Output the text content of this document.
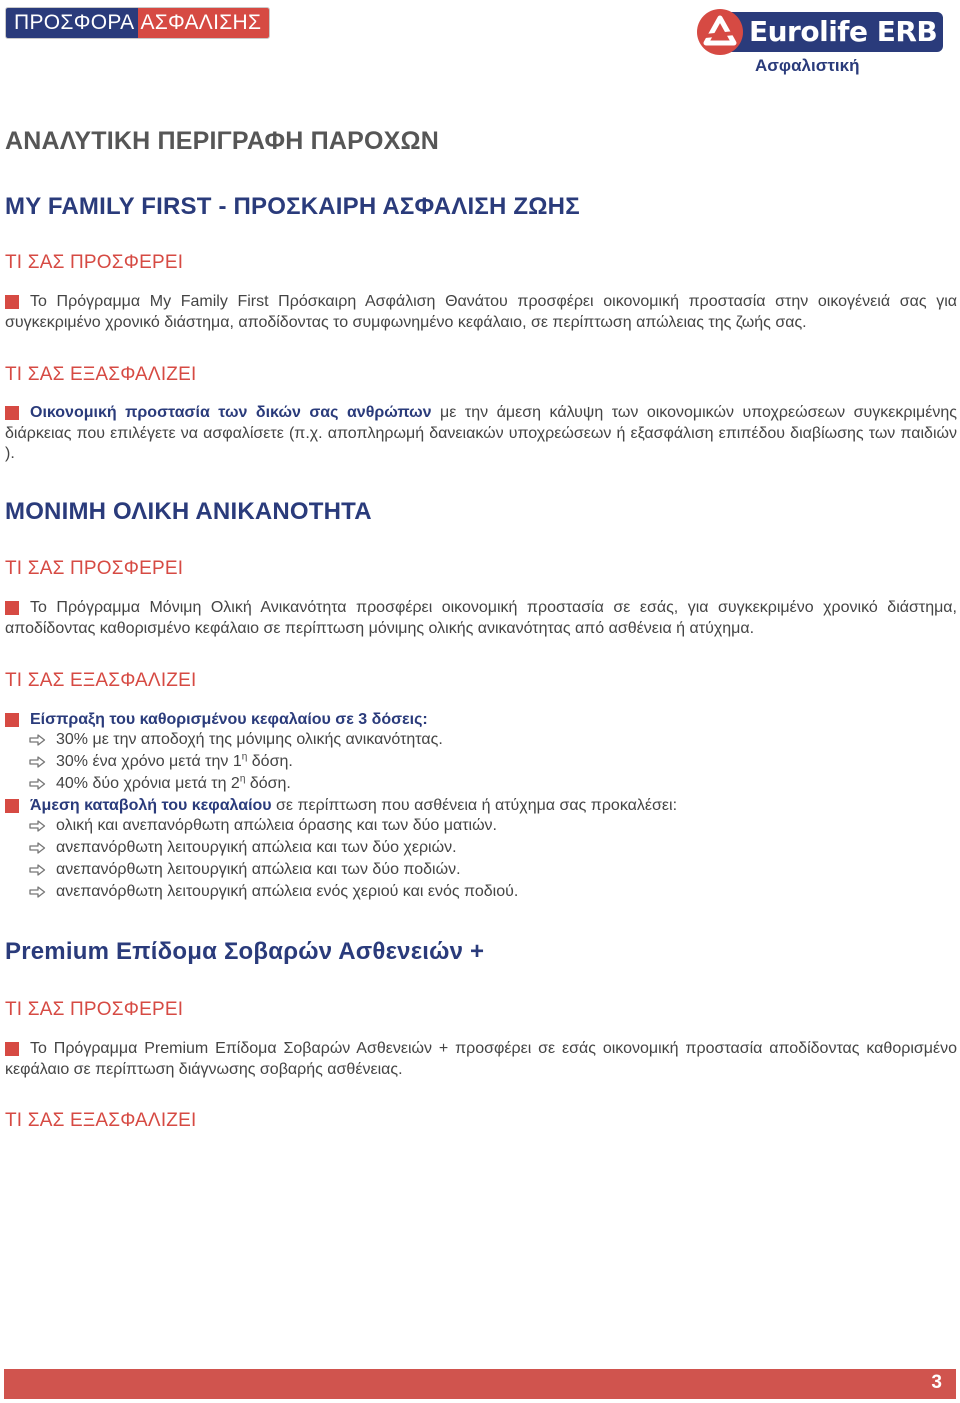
ΠΡΟΣΦΟΡΑ ΑΣΦΑΛΙΣΗΣ	Eurolife ERB
Ασφαλιστική
ΑΝΑΛΥΤΙΚΗ ΠΕΡΙΓΡΑΦΗ ΠΑΡΟΧΩΝ
MY FAMILY FIRST - ΠΡΟΣΚΑΙΡΗ ΑΣΦΑΛΙΣΗ ΖΩΗΣ
ΤΙ ΣΑΣ ΠΡΟΣΦΕΡΕΙ
Το Πρόγραμμα My Family First Πρόσκαιρη Ασφάλιση Θανάτου προσφέρει οικονομική προστασία στην οικογένειά σας για συγκεκριμένο χρονικό διάστημα, αποδίδοντας το συμφωνημένο κεφάλαιο, σε περίπτωση απώλειας της ζωής σας.
ΤΙ ΣΑΣ ΕΞΑΣΦΑΛΙΖΕΙ
Οικονομική προστασία των δικών σας ανθρώπων με την άμεση κάλυψη των οικονομικών υποχρεώσεων συγκεκριμένης διάρκειας που επιλέγετε να ασφαλίσετε (π.χ. αποπληρωμή δανειακών υποχρεώσεων ή εξασφάλιση επιπέδου διαβίωσης των παιδιών ).
ΜΟΝΙΜΗ ΟΛΙΚΗ ΑΝΙΚΑΝΟΤΗΤΑ
ΤΙ ΣΑΣ ΠΡΟΣΦΕΡΕΙ
Το Πρόγραμμα Μόνιμη Ολική Ανικανότητα προσφέρει οικονομική προστασία σε εσάς, για συγκεκριμένο χρονικό διάστημα, αποδίδοντας καθορισμένο κεφάλαιο σε περίπτωση μόνιμης ολικής ανικανότητας από ασθένεια ή ατύχημα.
ΤΙ ΣΑΣ ΕΞΑΣΦΑΛΙΖΕΙ
Είσπραξη του καθορισμένου κεφαλαίου σε 3 δόσεις:
30% με την αποδοχή της μόνιμης ολικής ανικανότητας.
30% ένα χρόνο μετά την $1^\eta$ δόση.
40% δύο χρόνια μετά τη $2^\eta$ δόση.
Άμεση καταβολή του κεφαλαίου σε περίπτωση που ασθένεια ή ατύχημα σας προκαλέσει:
ολική και ανεπανόρθωτη απώλεια όρασης και των δύο ματιών.
ανεπανόρθωτη λειτουργική απώλεια και των δύο χεριών.
ανεπανόρθωτη λειτουργική απώλεια και των δύο ποδιών.
ανεπανόρθωτη λειτουργική απώλεια ενός χεριού και ενός ποδιού.
Premium Επίδομα Σοβαρών Ασθενειών +
ΤΙ ΣΑΣ ΠΡΟΣΦΕΡΕΙ
Το Πρόγραμμα Premium Επίδομα Σοβαρών Ασθενειών + προσφέρει σε εσάς οικονομική προστασία αποδίδοντας καθορισμένο κεφάλαιο σε περίπτωση διάγνωσης σοβαρής ασθένειας.
ΤΙ ΣΑΣ ΕΞΑΣΦΑΛΙΖΕΙ
3
